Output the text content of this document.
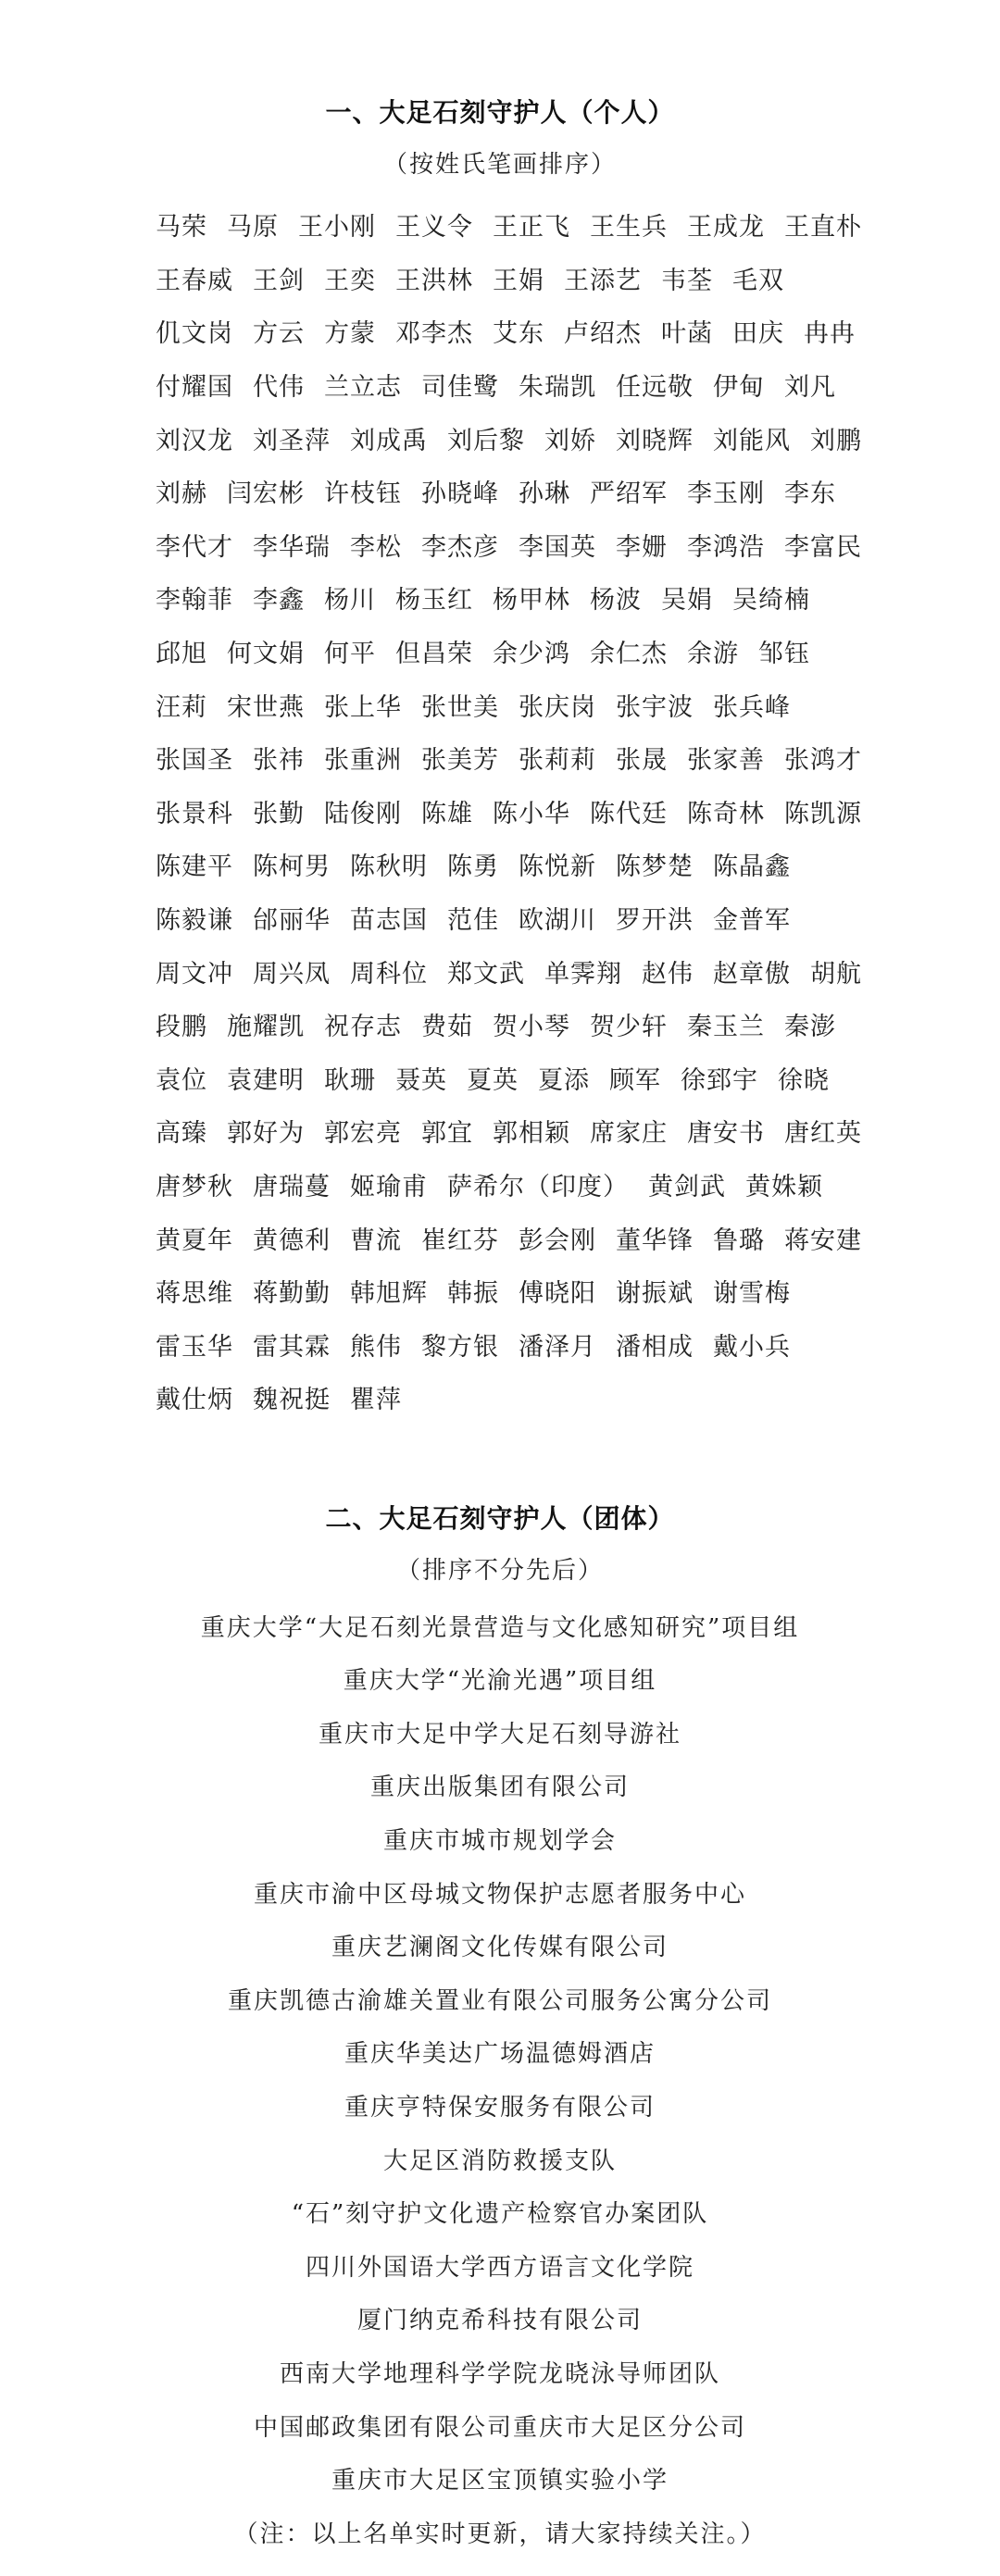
一、大足石刻守护人（个人）
（按姓氏笔画排序）
马荣 马原 王小刚 王义令 王正飞 王生兵 王成龙 王直朴
王春威 王剑 王奕 王洪林 王娟 王添艺 韦荃 毛双
仉文岗 方云 方蒙 邓李杰 艾东 卢绍杰 叶菡 田庆 冉冉
付耀国 代伟 兰立志 司佳鹭 朱瑞凯 任远敬 伊甸 刘凡
刘汉龙 刘圣萍 刘成禹 刘后黎 刘娇 刘晓辉 刘能风 刘鹏
刘赫 闫宏彬 许枝钰 孙晓峰 孙琳 严绍军 李玉刚 李东
李代才 李华瑞 李松 李杰彦 李国英 李姗 李鸿浩 李富民
李翰菲 李鑫 杨川 杨玉红 杨甲林 杨波 吴娟 吴绮楠
邱旭 何文娟 何平 但昌荣 余少鸿 余仁杰 余游 邹钰
汪莉 宋世燕 张上华 张世美 张庆岗 张宇波 张兵峰
张国圣 张祎 张重洲 张美芳 张莉莉 张晟 张家善 张鸿才
张景科 张勤 陆俊刚 陈雄 陈小华 陈代廷 陈奇林 陈凯源
陈建平 陈柯男 陈秋明 陈勇 陈悦新 陈梦楚 陈晶鑫
陈毅谦 邰丽华 苗志国 范佳 欧湖川 罗开洪 金普军
周文冲 周兴凤 周科位 郑文武 单霁翔 赵伟 赵章傲 胡航
段鹏 施耀凯 祝存志 费茹 贺小琴 贺少轩 秦玉兰 秦澎
袁位 袁建明 耿珊 聂英 夏英 夏添 顾军 徐郅宇 徐晓
高臻 郭好为 郭宏亮 郭宜 郭相颖 席家庄 唐安书 唐红英
唐梦秋 唐瑞蔓 姬瑜甫 萨希尔（印度） 黄剑武 黄姝颖
黄夏年 黄德利 曹流 崔红芬 彭会刚 董华锋 鲁璐 蒋安建
蒋思维 蒋勤勤 韩旭辉 韩振 傅晓阳 谢振斌 谢雪梅
雷玉华 雷其霖 熊伟 黎方银 潘泽月 潘相成 戴小兵
戴仕炳 魏祝挺 瞿萍
二、大足石刻守护人（团体）
（排序不分先后）
重庆大学“大足石刻光景营造与文化感知研究”项目组
重庆大学“光渝光遇”项目组
重庆市大足中学大足石刻导游社
重庆出版集团有限公司
重庆市城市规划学会
重庆市渝中区母城文物保护志愿者服务中心
重庆艺澜阁文化传媒有限公司
重庆凯德古渝雄关置业有限公司服务公寓分公司
重庆华美达广场温德姆酒店
重庆亨特保安服务有限公司
大足区消防救援支队
“石”刻守护文化遗产检察官办案团队
四川外国语大学西方语言文化学院
厦门纳克希科技有限公司
西南大学地理科学学院龙晓泳导师团队
中国邮政集团有限公司重庆市大足区分公司
重庆市大足区宝顶镇实验小学
（注：以上名单实时更新，请大家持续关注。）
